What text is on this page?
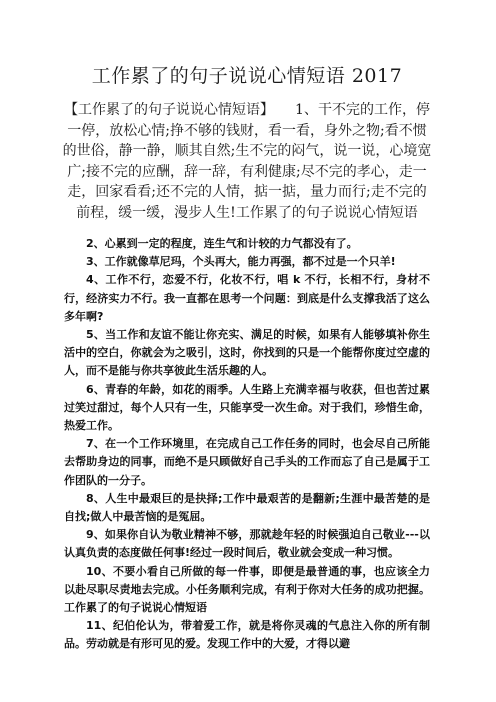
工作累了的句子说说心情短语 2017

【工作累了的句子说说心情短语】　　1、干不完的工作，停一停，放松心情;挣不够的钱财，看一看，身外之物;看不惯的世俗，静一静，顺其自然;生不完的闷气，说一说，心境宽广;接不完的应酬，辞一辞，有利健康;尽不完的孝心，走一走，回家看看;还不完的人情，掂一掂，量力而行;走不完的前程，缓一缓，漫步人生!工作累了的句子说说心情短语

2、心累到一定的程度，连生气和计较的力气都没有了。

3、工作就像草尼玛，个头再大，能力再强，都不过是一个只羊!

4、工作不行，恋爱不行，化妆不行，唱 k 不行，长相不行，身材不行，经济实力不行。我一直都在思考一个问题：到底是什么支撑我活了这么多年啊?

5、当工作和友谊不能让你充实、满足的时候，如果有人能够填补你生活中的空白，你就会为之吸引，这时，你找到的只是一个能帮你度过空虚的人，而不是能与你共享彼此生活乐趣的人。

6、青春的年龄，如花的雨季。人生路上充满幸福与收获，但也苦过累过笑过甜过，每个人只有一生，只能享受一次生命。对于我们，珍惜生命，热爱工作。

7、在一个工作环境里，在完成自己工作任务的同时，也会尽自己所能去帮助身边的同事，而绝不是只顾做好自己手头的工作而忘了自己是属于工作团队的一分子。

8、人生中最艰巨的是抉择;工作中最艰苦的是翻新;生涯中最苦楚的是自找;做人中最苦恼的是冤屈。

9、如果你自认为敬业精神不够，那就趁年轻的时候强迫自己敬业---以认真负责的态度做任何事!经过一段时间后，敬业就会变成一种习惯。

10、不要小看自己所做的每一件事，即便是最普通的事，也应该全力以赴尽职尽责地去完成。小任务顺利完成，有利于你对大任务的成功把握。工作累了的句子说说心情短语

11、纪伯伦认为，带着爱工作，就是将你灵魂的气息注入你的所有制品。劳动就是有形可见的爱。发现工作中的大爱，才得以避
